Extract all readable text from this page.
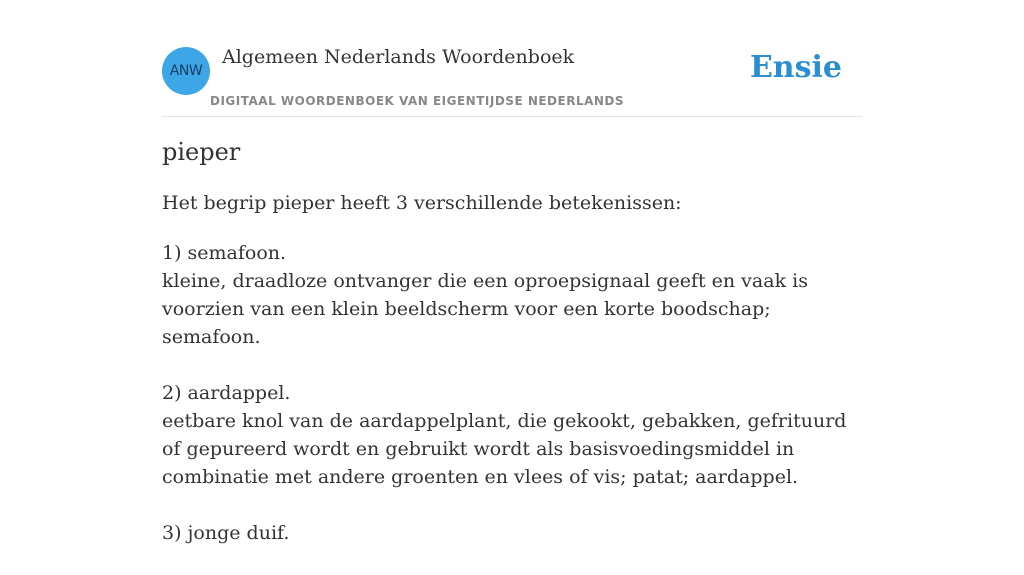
ANW
Algemeen Nederlands Woordenboek
DIGITAAL WOORDENBOEK VAN EIGENTIJDSE NEDERLANDS
Ensie
pieper
Het begrip pieper heeft 3 verschillende betekenissen:
1) semafoon.
kleine, draadloze ontvanger die een oproepsignaal geeft en vaak is voorzien van een klein beeldscherm voor een korte boodschap; semafoon.
2) aardappel.
eetbare knol van de aardappelplant, die gekookt, gebakken, gefrituurd of gepureerd wordt en gebruikt wordt als basisvoedingsmiddel in combinatie met andere groenten en vlees of vis; patat; aardappel.
3) jonge duif.
